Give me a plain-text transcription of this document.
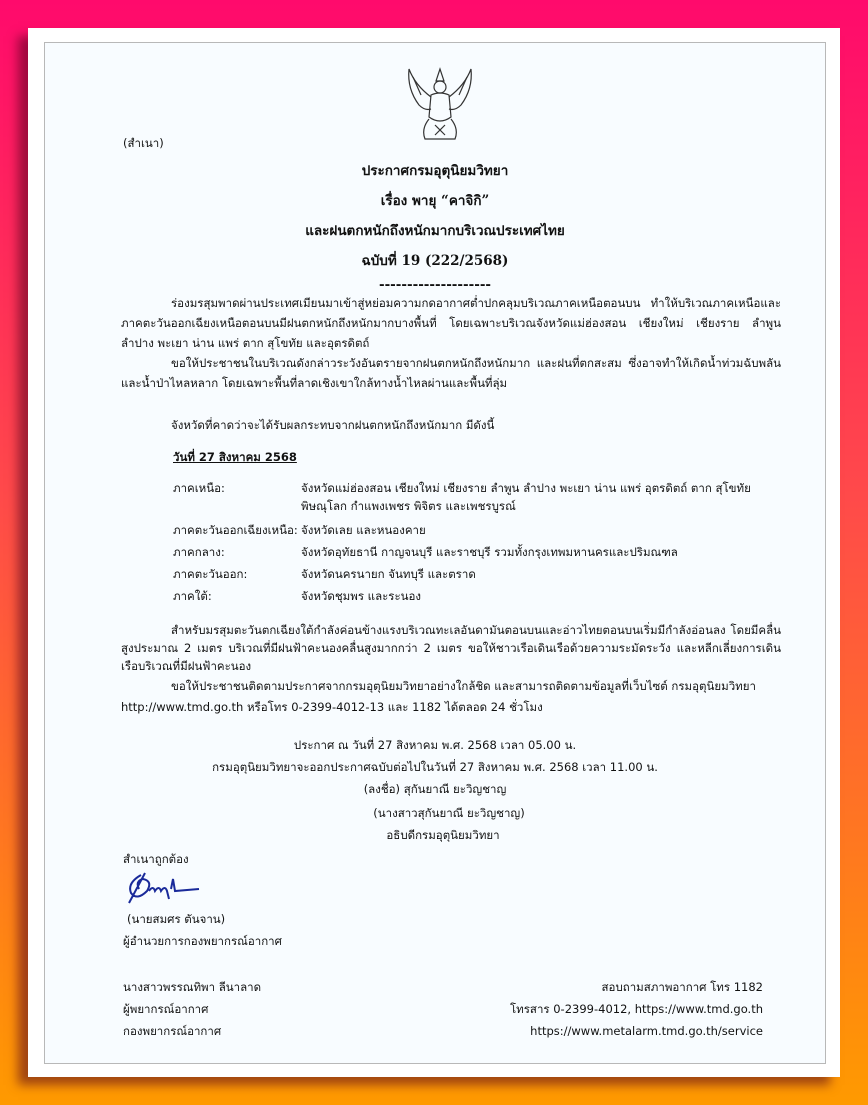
(สำเนา)
ประกาศกรมอุตุนิยมวิทยา
เรื่อง พายุ “คาจิกิ”
และฝนตกหนักถึงหนักมากบริเวณประเทศไทย
ฉบับที่ 19 (222/2568)
--------------------
ร่องมรสุมพาดผ่านประเทศเมียนมาเข้าสู่หย่อมความกดอากาศต่ำปกคลุมบริเวณภาคเหนือตอนบน ทำให้บริเวณภาคเหนือและภาคตะวันออกเฉียงเหนือตอนบนมีฝนตกหนักถึงหนักมากบางพื้นที่ โดยเฉพาะบริเวณจังหวัดแม่ฮ่องสอน เชียงใหม่ เชียงราย ลำพูน ลำปาง พะเยา น่าน แพร่ ตาก สุโขทัย และอุตรดิตถ์
ขอให้ประชาชนในบริเวณดังกล่าวระวังอันตรายจากฝนตกหนักถึงหนักมาก และฝนที่ตกสะสม ซึ่งอาจทำให้เกิดน้ำท่วมฉับพลันและน้ำป่าไหลหลาก โดยเฉพาะพื้นที่ลาดเชิงเขาใกล้ทางน้ำไหลผ่านและพื้นที่ลุ่ม
จังหวัดที่คาดว่าจะได้รับผลกระทบจากฝนตกหนักถึงหนักมาก มีดังนี้
วันที่ 27 สิงหาคม 2568
ภาคเหนือ:	จังหวัดแม่ฮ่องสอน เชียงใหม่ เชียงราย ลำพูน ลำปาง พะเยา น่าน แพร่ อุตรดิตถ์ ตาก สุโขทัย พิษณุโลก กำแพงเพชร พิจิตร และเพชรบูรณ์
ภาคตะวันออกเฉียงเหนือ: จังหวัดเลย และหนองคาย
ภาคกลาง:	จังหวัดอุทัยธานี กาญจนบุรี และราชบุรี รวมทั้งกรุงเทพมหานครและปริมณฑล
ภาคตะวันออก:	จังหวัดนครนายก จันทบุรี และตราด
ภาคใต้:	จังหวัดชุมพร และระนอง
สำหรับมรสุมตะวันตกเฉียงใต้กำลังค่อนข้างแรงบริเวณทะเลอันดามันตอนบนและอ่าวไทยตอนบนเริ่มมีกำลังอ่อนลง โดยมีคลื่นสูงประมาณ 2 เมตร บริเวณที่มีฝนฟ้าคะนองคลื่นสูงมากกว่า 2 เมตร ขอให้ชาวเรือเดินเรือด้วยความระมัดระวัง และหลีกเลี่ยงการเดินเรือบริเวณที่มีฝนฟ้าคะนอง
ขอให้ประชาชนติดตามประกาศจากกรมอุตุนิยมวิทยาอย่างใกล้ชิด และสามารถติดตามข้อมูลที่เว็บไซต์ กรมอุตุนิยมวิทยา
http://www.tmd.go.th หรือโทร 0-2399-4012-13 และ 1182 ได้ตลอด 24 ชั่วโมง
ประกาศ ณ วันที่ 27 สิงหาคม พ.ศ. 2568 เวลา 05.00 น.
กรมอุตุนิยมวิทยาจะออกประกาศฉบับต่อไปในวันที่ 27 สิงหาคม พ.ศ. 2568 เวลา 11.00 น.
(ลงชื่อ) สุกันยาณี ยะวิญชาญ
(นางสาวสุกันยาณี ยะวิญชาญ)
อธิบดีกรมอุตุนิยมวิทยา
สำเนาถูกต้อง
(นายสมศร ตันจาน)
ผู้อำนวยการกองพยากรณ์อากาศ
นางสาวพรรณทิพา ลีนาลาด
ผู้พยากรณ์อากาศ
กองพยากรณ์อากาศ
สอบถามสภาพอากาศ โทร 1182
โทรสาร 0-2399-4012, https://www.tmd.go.th
https://www.metalarm.tmd.go.th/service
